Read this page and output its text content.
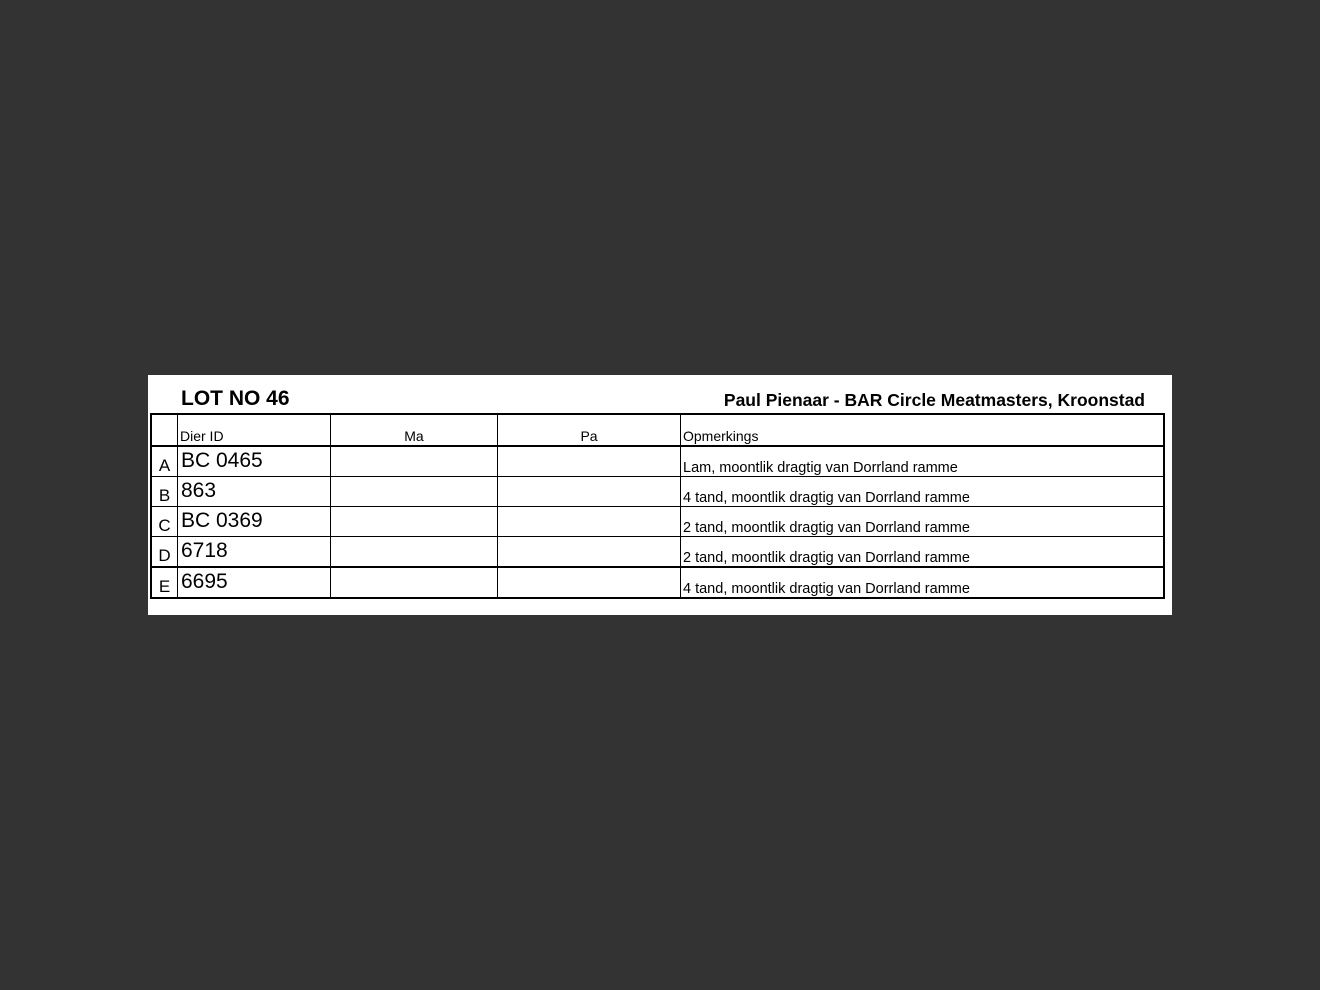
LOT NO 46	Paul Pienaar - BAR Circle Meatmasters, Kroonstad
	Dier ID	Ma	Pa	Opmerkings
A	BC 0465			Lam, moontlik dragtig van Dorrland ramme
B	863			4 tand, moontlik dragtig van Dorrland ramme
C	BC 0369			2 tand, moontlik dragtig van Dorrland ramme
D	6718			2 tand, moontlik dragtig van Dorrland ramme
E	6695			4 tand, moontlik dragtig van Dorrland ramme
